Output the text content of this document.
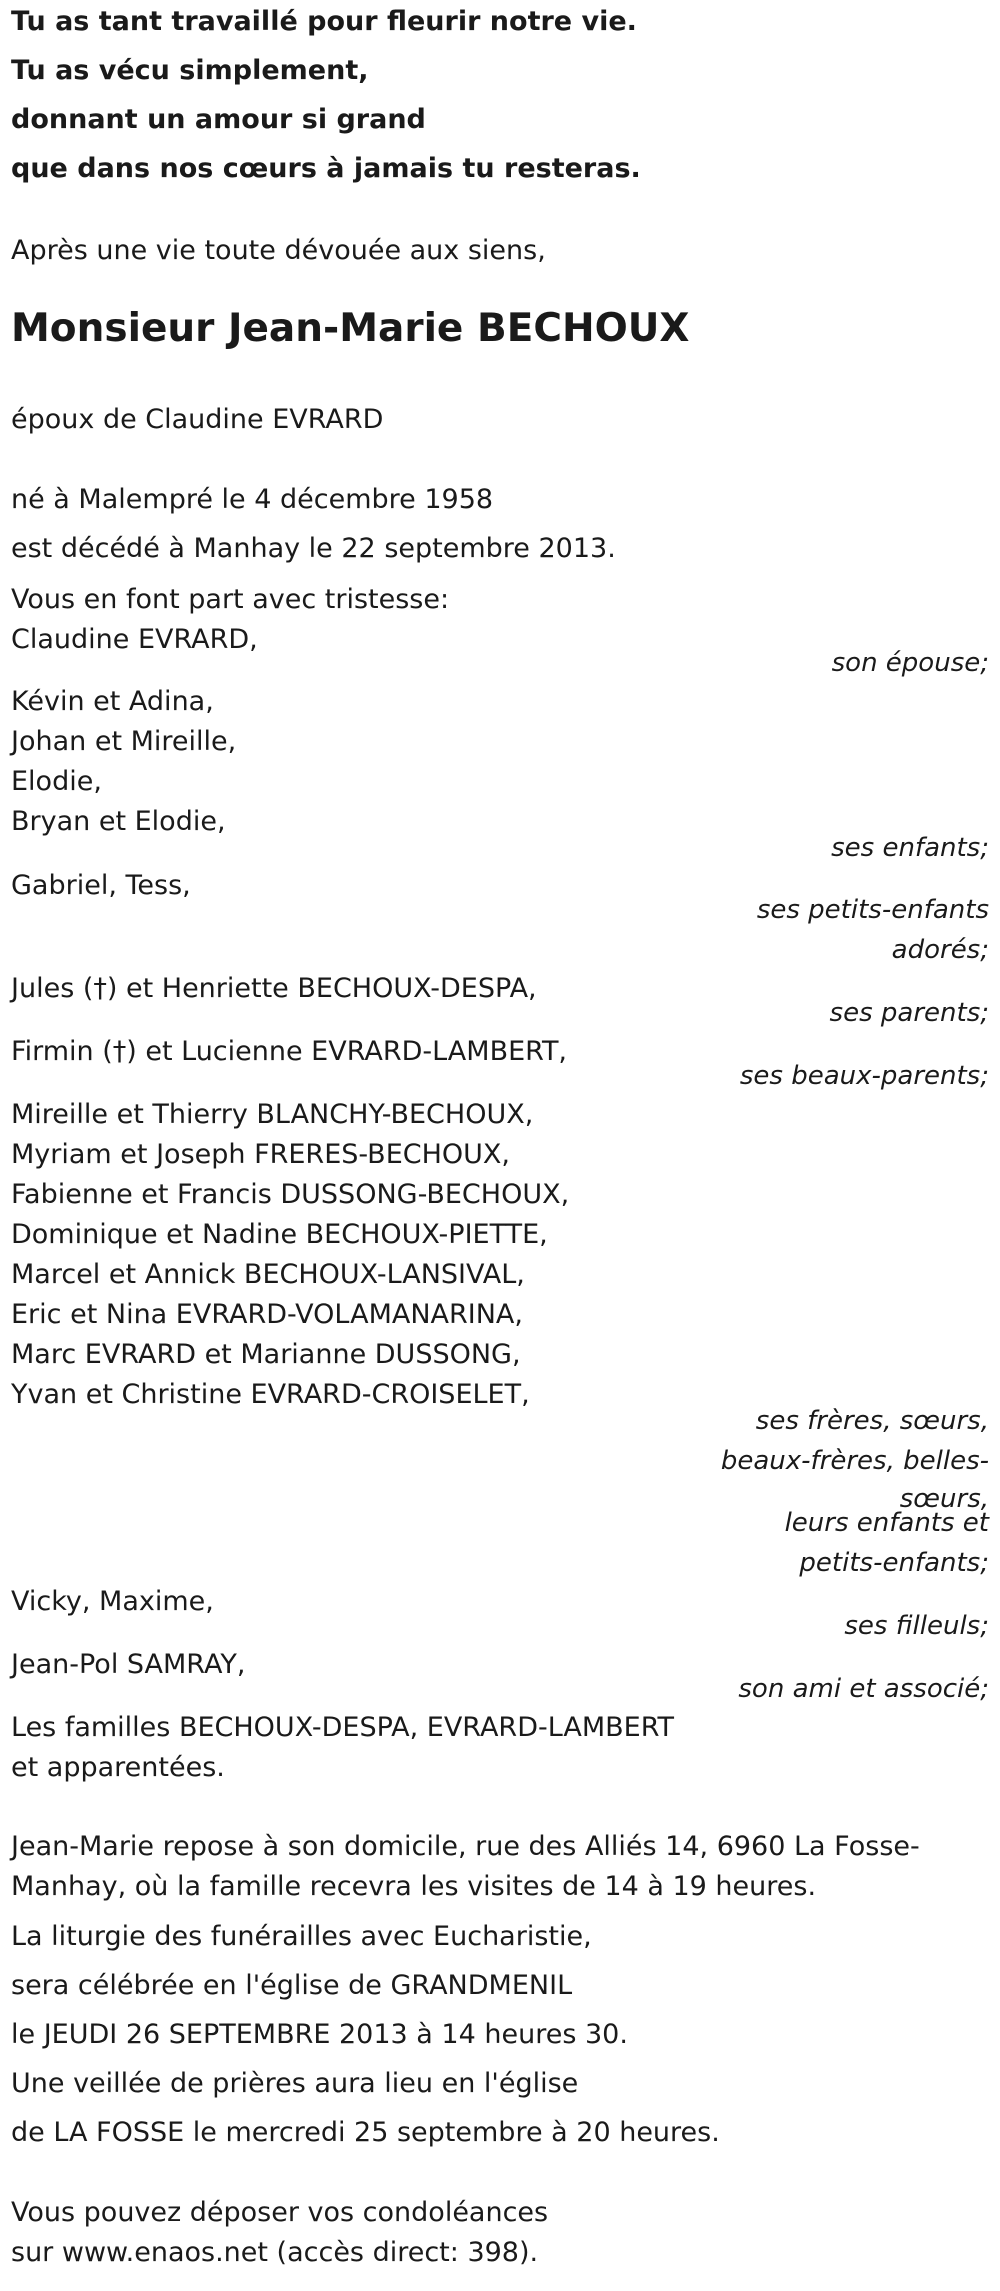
Tu as tant travaillé pour fleurir notre vie.
Tu as vécu simplement,
donnant un amour si grand
que dans nos cœurs à jamais tu resteras.
Après une vie toute dévouée aux siens,
Monsieur Jean-Marie BECHOUX
époux de Claudine EVRARD
né à Malempré le 4 décembre 1958
est décédé à Manhay le 22 septembre 2013.
Vous en font part avec tristesse:
Claudine EVRARD,
son épouse;
Kévin et Adina,
Johan et Mireille,
Elodie,
Bryan et Elodie,
ses enfants;
Gabriel, Tess,
ses petits-enfants
adorés;
Jules (†) et Henriette BECHOUX-DESPA,
ses parents;
Firmin (†) et Lucienne EVRARD-LAMBERT,
ses beaux-parents;
Mireille et Thierry BLANCHY-BECHOUX,
Myriam et Joseph FRERES-BECHOUX,
Fabienne et Francis DUSSONG-BECHOUX,
Dominique et Nadine BECHOUX-PIETTE,
Marcel et Annick BECHOUX-LANSIVAL,
Eric et Nina EVRARD-VOLAMANARINA,
Marc EVRARD et Marianne DUSSONG,
Yvan et Christine EVRARD-CROISELET,
ses frères, sœurs,
beaux-frères, belles-
sœurs,
leurs enfants et
petits-enfants;
Vicky, Maxime,
ses filleuls;
Jean-Pol SAMRAY,
son ami et associé;
Les familles BECHOUX-DESPA, EVRARD-LAMBERT
et apparentées.
Jean-Marie repose à son domicile, rue des Alliés 14, 6960 La Fosse-
Manhay, où la famille recevra les visites de 14 à 19 heures.
La liturgie des funérailles avec Eucharistie,
sera célébrée en l'église de GRANDMENIL
le JEUDI 26 SEPTEMBRE 2013 à 14 heures 30.
Une veillée de prières aura lieu en l'église
de LA FOSSE le mercredi 25 septembre à 20 heures.
Vous pouvez déposer vos condoléances
sur www.enaos.net (accès direct: 398).
